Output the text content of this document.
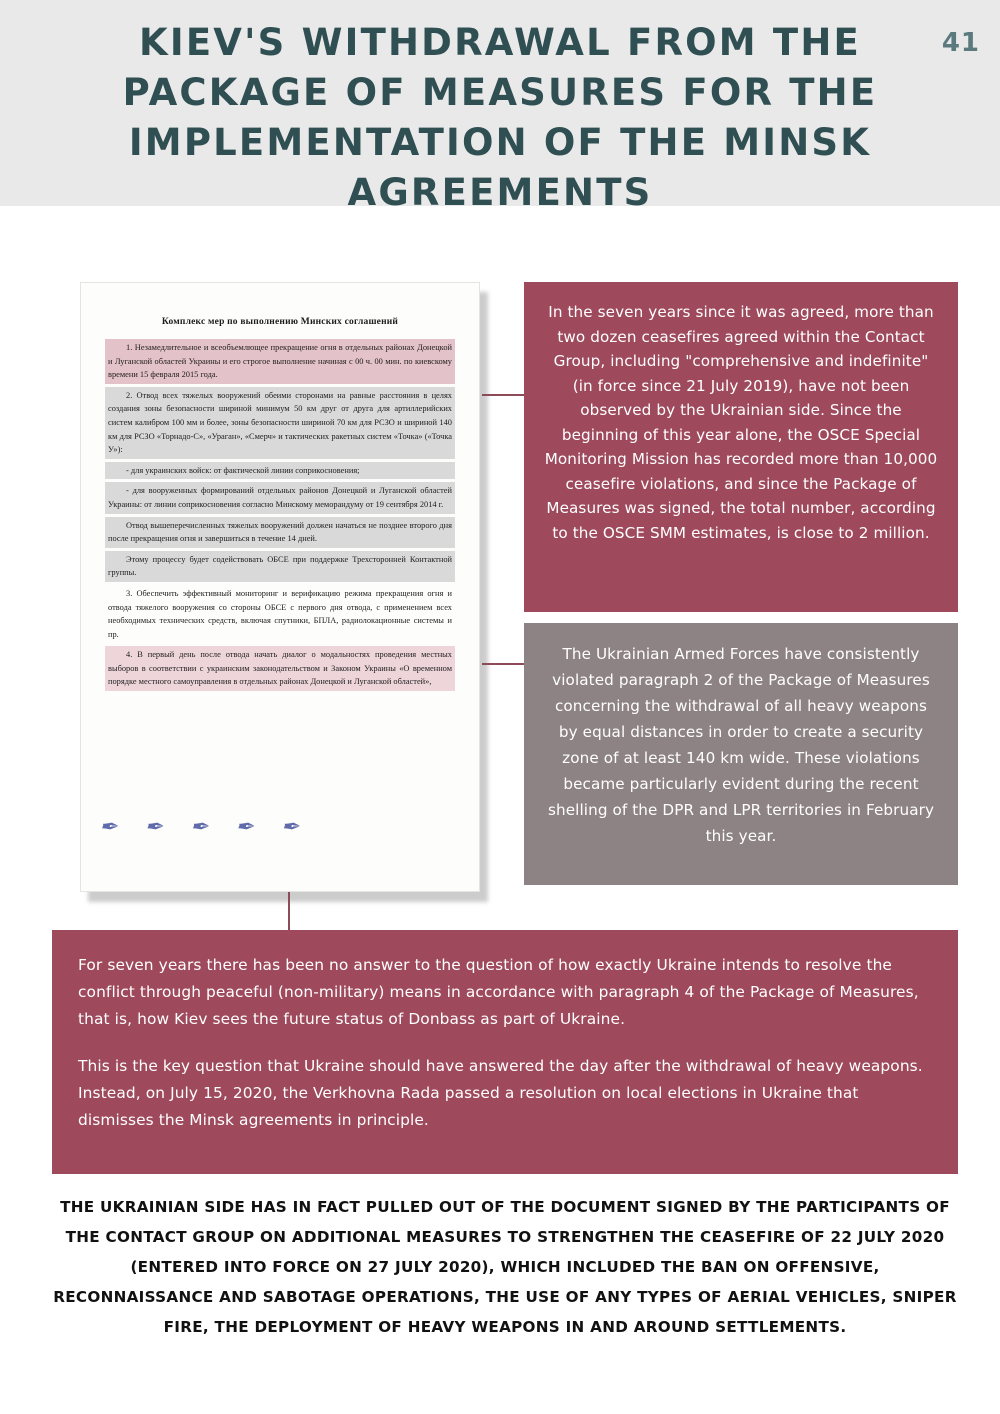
KIEV'S WITHDRAWAL FROM THE PACKAGE OF MEASURES FOR THE IMPLEMENTATION OF THE MINSK AGREEMENTS
41
Комплекс мер по выполнению Минских соглашений

1. Незамедлительное и всеобъемлющее прекращение огня в отдельных районах Донецкой и Луганской областей Украины и его строгое выполнение начиная с 00 ч. 00 мин. по киевскому времени 15 февраля 2015 года.

2. Отвод всех тяжелых вооружений обеими сторонами на равные расстояния в целях создания зоны безопасности шириной минимум 50 км друг от друга для артиллерийских систем калибром 100 мм и более, зоны безопасности шириной 70 км для РСЗО и шириной 140 км для РСЗО «Торнадо-С», «Ураган», «Смерч» и тактических ракетных систем «Точка» («Точка У»):

- для украинских войск: от фактической линии соприкосновения;

- для вооруженных формирований отдельных районов Донецкой и Луганской областей Украины: от линии соприкосновения согласно Минскому меморандуму от 19 сентября 2014 г.

Отвод вышеперечисленных тяжелых вооружений должен начаться не позднее второго дня после прекращения огня и завершиться в течение 14 дней.

Этому процессу будет содействовать ОБСЕ при поддержке Трехсторонней Контактной группы.

3. Обеспечить эффективный мониторинг и верификацию режима прекращения огня и отвода тяжелого вооружения со стороны ОБСЕ с первого дня отвода, с применением всех необходимых технических средств, включая спутники, БПЛА, радиолокационные системы и пр.

4. В первый день после отвода начать диалог о модальностях проведения местных выборов в соответствии с украинским законодательством и Законом Украины «О временном порядке местного самоуправления в отдельных районах Донецкой и Луганской областей»,

✒ ✒ ✒ ✒ ✒
In the seven years since it was agreed, more than two dozen ceasefires agreed within the Contact Group, including "comprehensive and indefinite" (in force since 21 July 2019), have not been observed by the Ukrainian side. Since the beginning of this year alone, the OSCE Special Monitoring Mission has recorded more than 10,000 ceasefire violations, and since the Package of Measures was signed, the total number, according to the OSCE SMM estimates, is close to 2 million.
The Ukrainian Armed Forces have consistently violated paragraph 2 of the Package of Measures concerning the withdrawal of all heavy weapons by equal distances in order to create a security zone of at least 140 km wide. These violations became particularly evident during the recent shelling of the DPR and LPR territories in February this year.

For seven years there has been no answer to the question of how exactly Ukraine intends to resolve the conflict through peaceful (non-military) means in accordance with paragraph 4 of the Package of Measures, that is, how Kiev sees the future status of Donbass as part of Ukraine.

This is the key question that Ukraine should have answered the day after the withdrawal of heavy weapons. Instead, on July 15, 2020, the Verkhovna Rada passed a resolution on local elections in Ukraine that dismisses the Minsk agreements in principle.

THE UKRAINIAN SIDE HAS IN FACT PULLED OUT OF THE DOCUMENT SIGNED BY THE PARTICIPANTS OF THE CONTACT GROUP ON ADDITIONAL MEASURES TO STRENGTHEN THE CEASEFIRE OF 22 JULY 2020 (ENTERED INTO FORCE ON 27 JULY 2020), WHICH INCLUDED THE BAN ON OFFENSIVE, RECONNAISSANCE AND SABOTAGE OPERATIONS, THE USE OF ANY TYPES OF AERIAL VEHICLES, SNIPER FIRE, THE DEPLOYMENT OF HEAVY WEAPONS IN AND AROUND SETTLEMENTS.
